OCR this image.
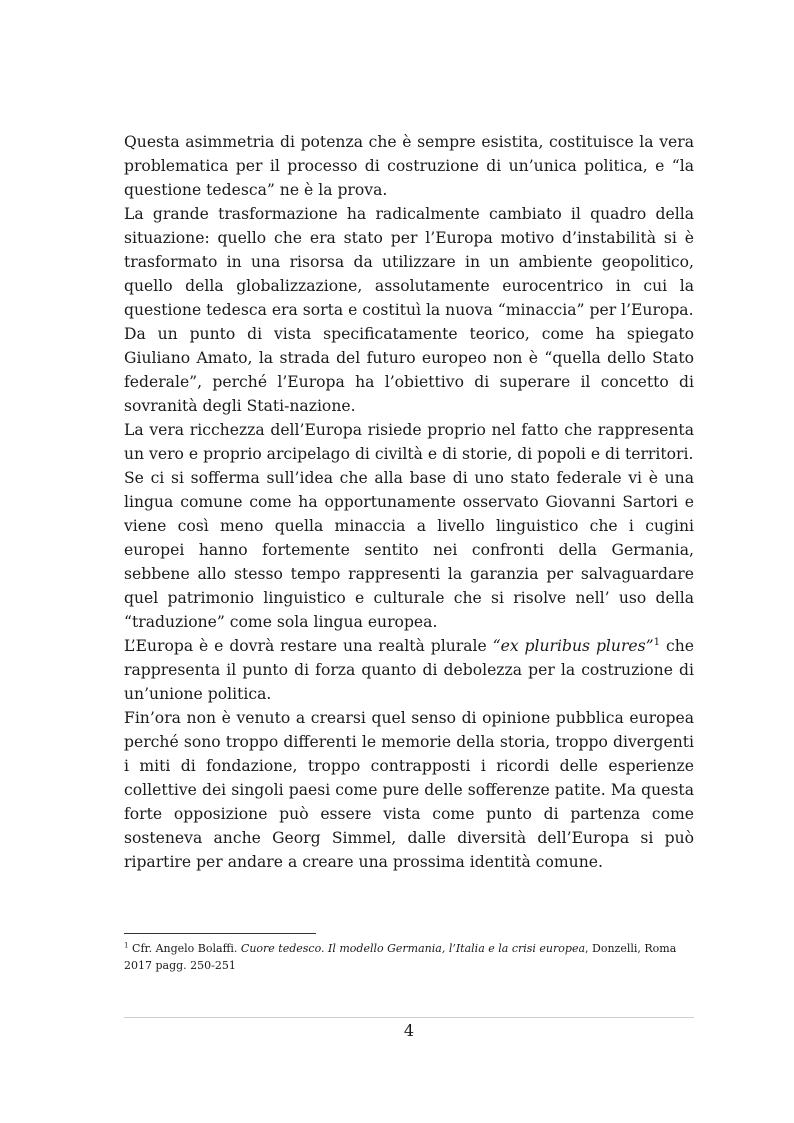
Questa asimmetria di potenza che è sempre esistita, costituisce la vera problematica per il processo di costruzione di un’unica politica, e “la questione tedesca” ne è la prova.

La grande trasformazione ha radicalmente cambiato il quadro della situazione: quello che era stato per l’Europa motivo d’instabilità si è trasformato in una risorsa da utilizzare in un ambiente geopolitico, quello della globalizzazione, assolutamente eurocentrico in cui la questione tedesca era sorta e costituì la nuova “minaccia” per l’Europa.

Da un punto di vista specificatamente teorico, come ha spiegato Giuliano Amato, la strada del futuro europeo non è “quella dello Stato federale”, perché l’Europa ha l’obiettivo di superare il concetto di sovranità degli Stati-nazione.

La vera ricchezza dell’Europa risiede proprio nel fatto che rappresenta un vero e proprio arcipelago di civiltà e di storie, di popoli e di territori.

Se ci si sofferma sull’idea che alla base di uno stato federale vi è una lingua comune come ha opportunamente osservato Giovanni Sartori e viene così meno quella minaccia a livello linguistico che i cugini europei hanno fortemente sentito nei confronti della Germania, sebbene allo stesso tempo rappresenti la garanzia per salvaguardare quel patrimonio linguistico e culturale che si risolve nell’ uso della “traduzione” come sola lingua europea.

L’Europa è e dovrà restare una realtà plurale “ex pluribus plures”$^1$ che rappresenta il punto di forza quanto di debolezza per la costruzione di un’unione politica.

Fin’ora non è venuto a crearsi quel senso di opinione pubblica europea perché sono troppo differenti le memorie della storia, troppo divergenti i miti di fondazione, troppo contrapposti i ricordi delle esperienze collettive dei singoli paesi come pure delle sofferenze patite. Ma questa forte opposizione può essere vista come punto di partenza come sosteneva anche Georg Simmel, dalle diversità dell’Europa si può ripartire per andare a creare una prossima identità comune.

$^1$ Cfr. Angelo Bolaffi. Cuore tedesco. Il modello Germania, l’Italia e la crisi europea, Donzelli, Roma 2017 pagg. 250-251
4
